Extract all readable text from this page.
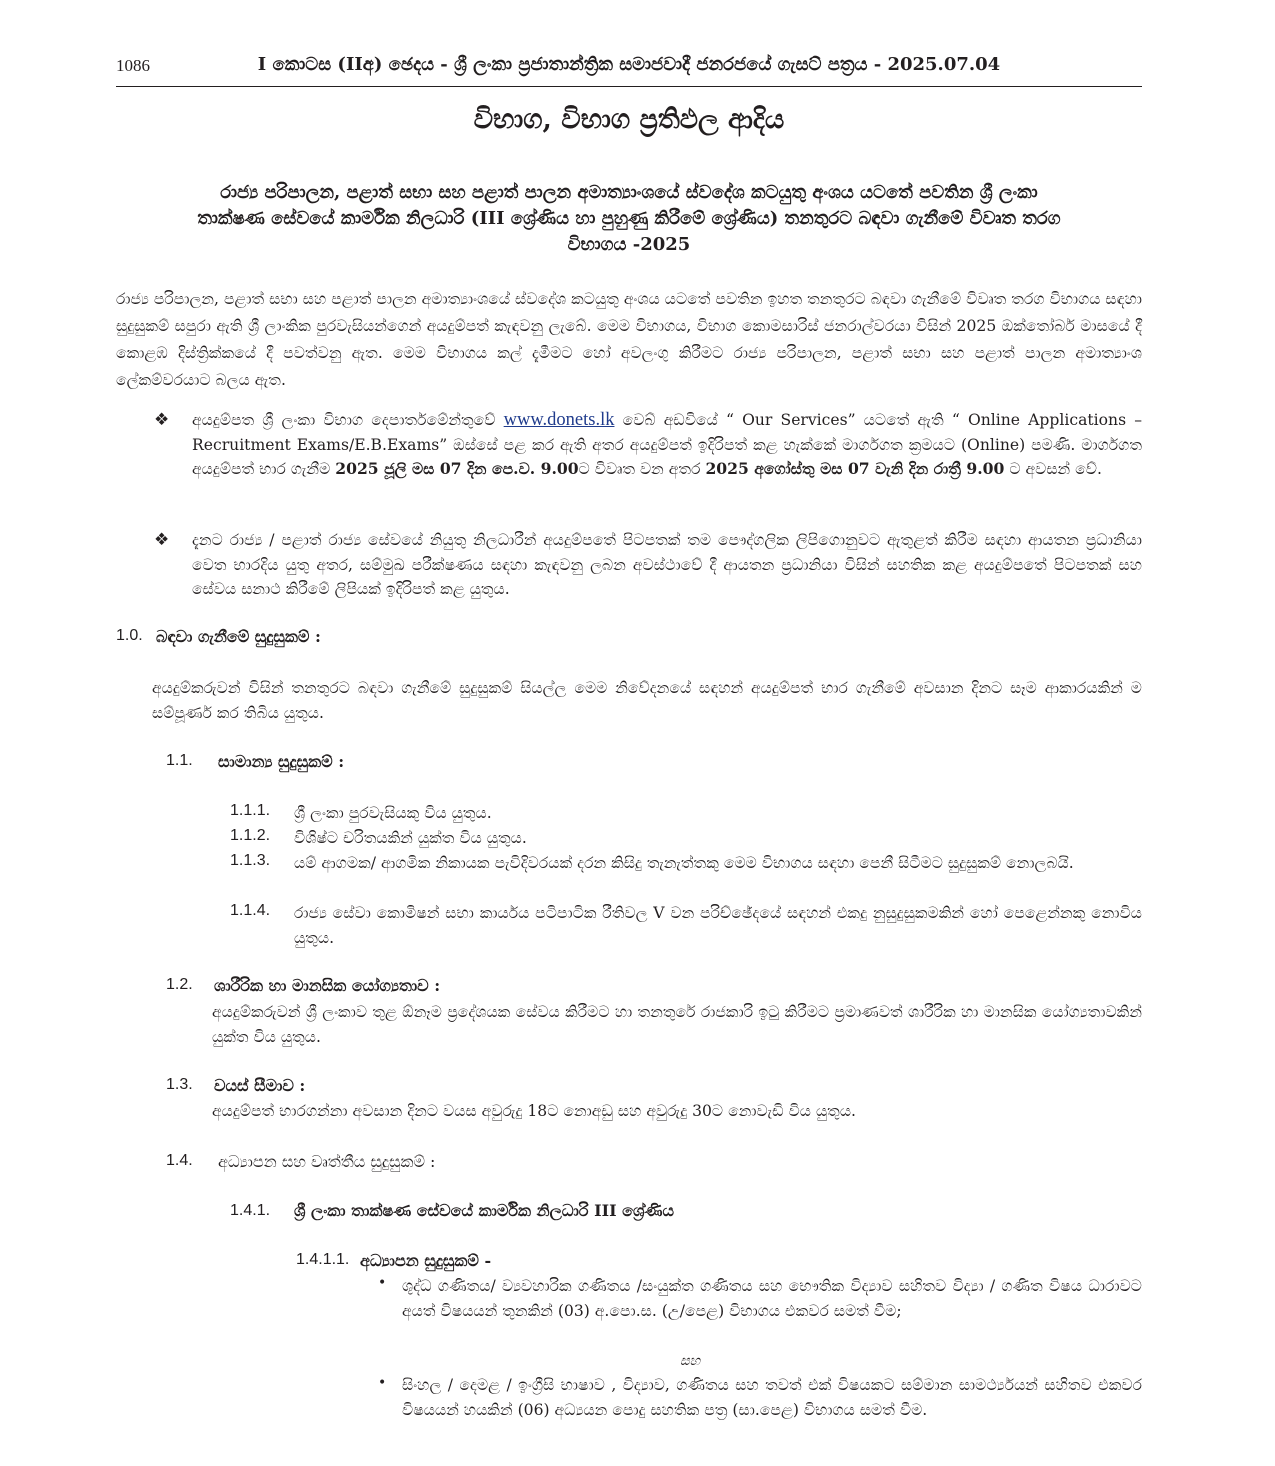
1086	I කොටස (IIඅ) ඡෙදය - ශ්‍රී ලංකා ප්‍රජාතාන්ත්‍රික සමාජවාදී ජනරජයේ ගැසට් පත්‍රය - 2025.07.04
විභාග, විභාග ප්‍රතිඵල ආදිය
රාජ්‍ය පරිපාලන, පළාත් සභා සහ පළාත් පාලන අමාත්‍යාංශයේ ස්වදේශ කටයුතු අංශය යටතේ පවතින ශ්‍රී ලංකා
තාක්ෂණ සේවයේ කාර්මික නිලධාරි (III ශ්‍රේණිය හා පුහුණු කිරීමේ ශ්‍රේණිය) තනතුරට බඳවා ගැනීමේ විවෘත තරග
විභාගය -2025
රාජ්‍ය පරිපාලන, පළාත් සභා සහ පළාත් පාලන අමාත්‍යාංශයේ ස්වදේශ කටයුතු අංශය යටතේ පවතින ඉහත තනතුරට බඳවා ගැනීමේ විවෘත තරග විභාගය සඳහා සුදුසුකම් සපුරා ඇති ශ්‍රී ලාංකික පුරවැසියන්ගෙන් අයදුම්පත් කැඳවනු ලැබේ. මෙම විභාගය, විභාග කොමසාරිස් ජනරාල්වරයා විසින් 2025 ඔක්තෝබර් මාසයේ දී කොළඹ දිස්ත්‍රික්කයේ දී පවත්වනු ඇත. මෙම විභාගය කල් දැමීමට හෝ අවලංගු කිරීමට රාජ්‍ය පරිපාලන, පළාත් සභා සහ පළාත් පාලන අමාත්‍යාංශ ලේකම්වරයාට බලය ඇත.
❖ අයදුම්පත ශ්‍රී ලංකා විභාග දෙපාර්තමේන්තුවේ www.donets.lk වෙබ් අඩවියේ “ Our Services” යටතේ ඇති “ Online Applications – Recruitment Exams/E.B.Exams” ඔස්සේ පළ කර ඇති අතර අයදුම්පත් ඉදිරිපත් කළ හැක්කේ මාර්ගගත ක්‍රමයට (Online) පමණි. මාර්ගගත අයදුම්පත් භාර ගැනීම 2025 ජූලි මස 07 දින පෙ.ව. 9.00ට විවෘත වන අතර 2025 අගෝස්තු මස 07 වැනි දින රාත්‍රී 9.00 ට අවසන් වේ.
❖ දැනට රාජ්‍ය / පළාත් රාජ්‍ය සේවයේ නියුතු නිලධාරීන් අයදුම්පතේ පිටපතක් තම පෞද්ගලික ලිපිගොනුවට ඇතුළත් කිරීම සඳහා ආයතන ප්‍රධානියා වෙත භාරදිය යුතු අතර, සම්මුඛ පරීක්ෂණය සඳහා කැඳවනු ලබන අවස්ථාවේ දී ආයතන ප්‍රධානියා විසින් සහතික කළ අයදුම්පතේ පිටපතක් සහ සේවය සනාථ කිරීමේ ලිපියක් ඉදිරිපත් කළ යුතුය.
1.0. බඳවා ගැනීමේ සුදුසුකම් :
අයදුම්කරුවන් විසින් තනතුරට බඳවා ගැනීමේ සුදුසුකම් සියල්ල මෙම නිවේදනයේ සඳහන් අයදුම්පත් භාර ගැනීමේ අවසාන දිනට සෑම ආකාරයකින් ම සම්පූර්ණ කර තිබිය යුතුය.
1.1. සාමාන්‍ය සුදුසුකම් :
1.1.1. ශ්‍රී ලංකා පුරවැසියකු විය යුතුය.
1.1.2. විශිෂ්ට චරිතයකින් යුක්ත විය යුතුය.
1.1.3. යම් ආගමක/ ආගමික නිකායක පැවිදිවරයක් දරන කිසිදු තැනැත්තකු මෙම විභාගය සඳහා පෙනී සිටීමට සුදුසුකම් නොලබයි.
1.1.4. රාජ්‍ය සේවා කොමිෂන් සභා කාර්යය පටිපාටික රීතිවල V වන පරිච්ඡේදයේ සඳහන් එකදු නුසුදුසුකමකින් හෝ පෙළෙන්නකු නොවිය යුතුය.
1.2. ශාරීරික හා මානසික යෝග්‍යතාව :
අයදුම්කරුවන් ශ්‍රී ලංකාව තුළ ඕනෑම ප්‍රදේශයක සේවය කිරීමට හා තනතුරේ රාජකාරි ඉටු කිරීමට ප්‍රමාණවත් ශාරීරික හා මානසික යෝග්‍යතාවකින් යුක්ත විය යුතුය.
1.3. වයස් සීමාව :
අයදුම්පත් භාරගන්නා අවසාන දිනට වයස අවුරුදු 18ට නොඅඩු සහ අවුරුදු 30ට නොවැඩි විය යුතුය.
1.4. අධ්‍යාපන සහ වෘත්තීය සුදුසුකම් :
1.4.1. ශ්‍රී ලංකා තාක්ෂණ සේවයේ කාර්මික නිලධාරි III ශ්‍රේණිය
1.4.1.1. අධ්‍යාපන සුදුසුකම් -
• ශුද්ධ ගණිතය/ ව්‍යවහාරික ගණිතය /සංයුක්ත ගණිතය සහ භෞතික විද්‍යාව සහිතව විද්‍යා / ගණිත විෂය ධාරාවට අයත් විෂයයන් තුනකින් (03) අ.පො.ස. (උ/පෙළ) විභාගය එකවර සමත් වීම;
සහ
• සිංහල / දෙමළ / ඉංග්‍රීසි භාෂාව , විද්‍යාව, ගණිතය සහ තවත් එක් විෂයකට සම්මාන සාමර්ථ්‍යයන් සහිතව එකවර විෂයයන් හයකින් (06) අධ්‍යයන පොදු සහතික පත්‍ර (සා.පෙළ) විභාගය සමත් වීම.
